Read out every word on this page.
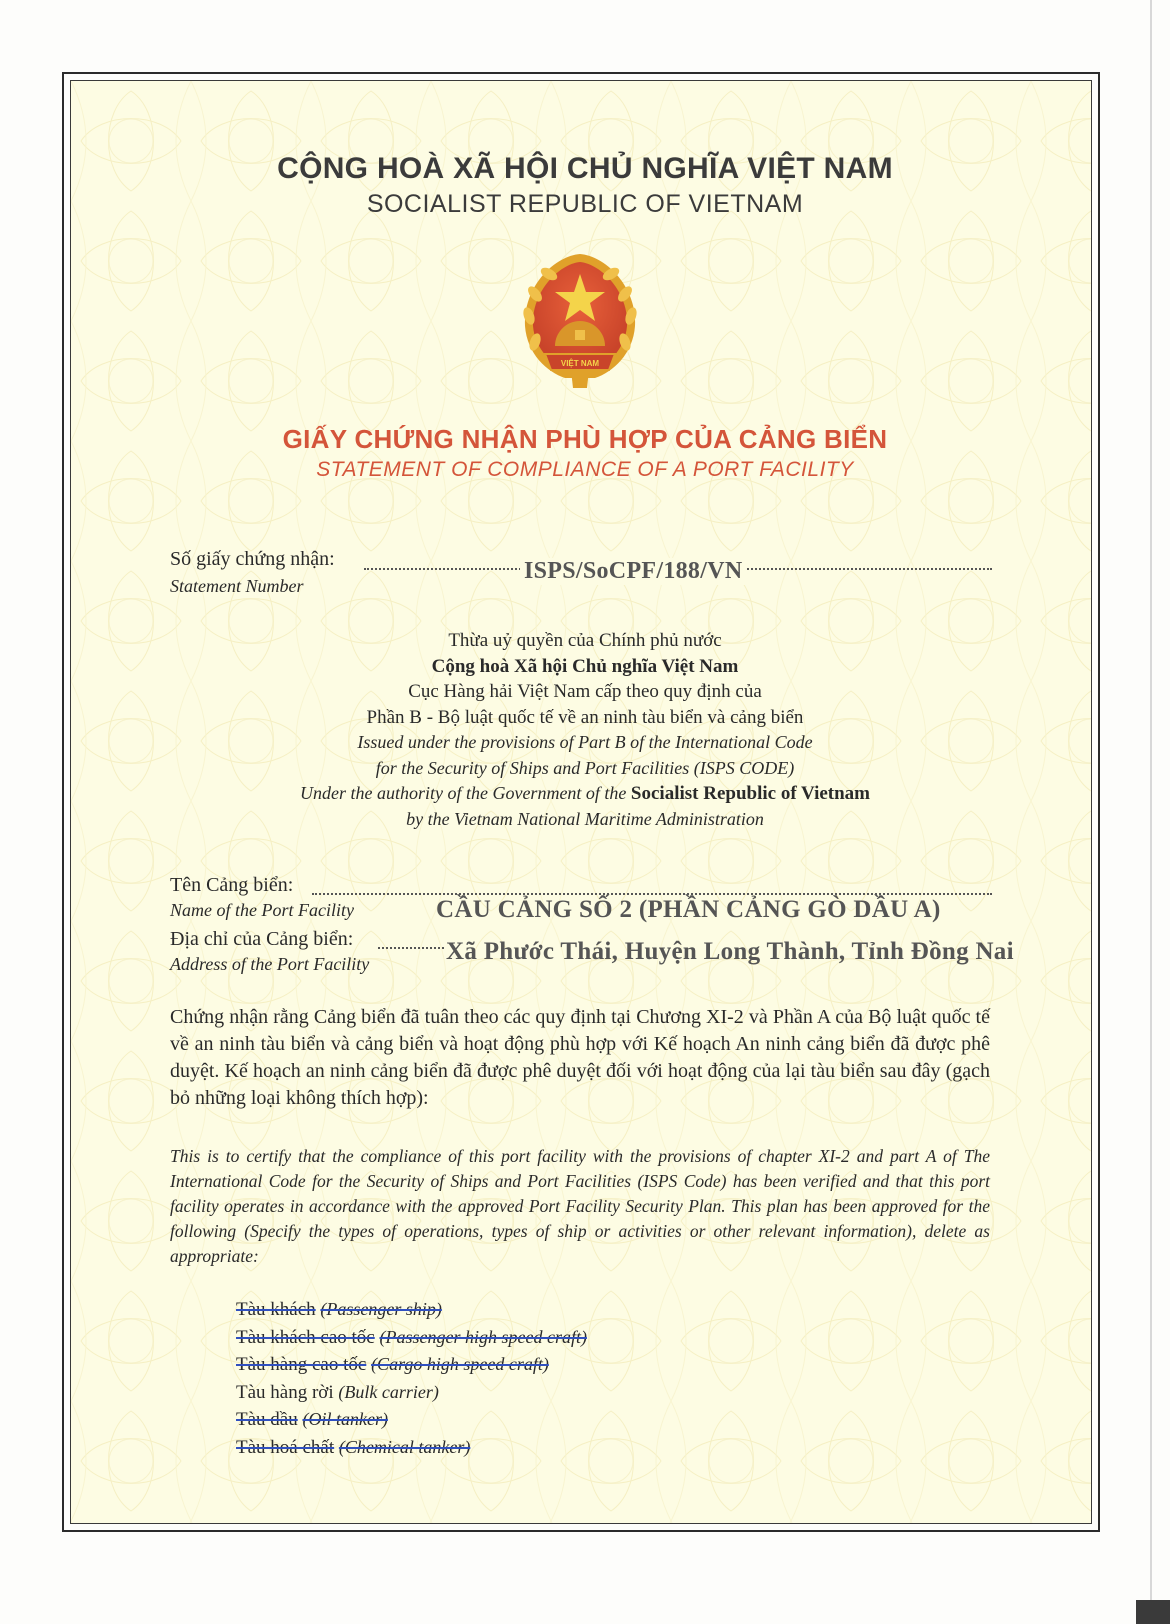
CỘNG HOÀ XÃ HỘI CHỦ NGHĨA VIỆT NAM
SOCIALIST REPUBLIC OF VIETNAM
VIỆT NAM
GIẤY CHỨNG NHẬN PHÙ HỢP CỦA CẢNG BIỂN
STATEMENT OF COMPLIANCE OF A PORT FACILITY
Số giấy chứng nhận:
Statement Number
ISPS/SoCPF/188/VN
Thừa uỷ quyền của Chính phủ nước
Cộng hoà Xã hội Chủ nghĩa Việt Nam
Cục Hàng hải Việt Nam cấp theo quy định của
Phần B - Bộ luật quốc tế về an ninh tàu biển và cảng biển
Issued under the provisions of Part B of the International Code
for the Security of Ships and Port Facilities (ISPS CODE)
Under the authority of the Government of the Socialist Republic of Vietnam
by the Vietnam National Maritime Administration
Tên Cảng biển:
Name of the Port Facility	CẦU CẢNG SỐ 2 (PHẦN CẢNG GÒ DẦU A)
Địa chỉ của Cảng biển:
Address of the Port Facility	Xã Phước Thái, Huyện Long Thành, Tỉnh Đồng Nai
Chứng nhận rằng Cảng biển đã tuân theo các quy định tại Chương XI-2 và Phần A của Bộ luật quốc tế về an ninh tàu biển và cảng biển và hoạt động phù hợp với Kế hoạch An ninh cảng biển đã được phê duyệt. Kế hoạch an ninh cảng biển đã được phê duyệt đối với hoạt động của lại tàu biển sau đây (gạch bỏ những loại không thích hợp):
This is to certify that the compliance of this port facility with the provisions of chapter XI-2 and part A of The International Code for the Security of Ships and Port Facilities (ISPS Code) has been verified and that this port facility operates in accordance with the approved Port Facility Security Plan. This plan has been approved for the following (Specify the types of operations, types of ship or activities or other relevant information), delete as appropriate:
Tàu khách (Passenger ship)
Tàu khách cao tốc (Passenger high speed craft)
Tàu hàng cao tốc (Cargo high speed craft)
Tàu hàng rời (Bulk carrier)
Tàu dầu (Oil tanker)
Tàu hoá chất (Chemical tanker)
